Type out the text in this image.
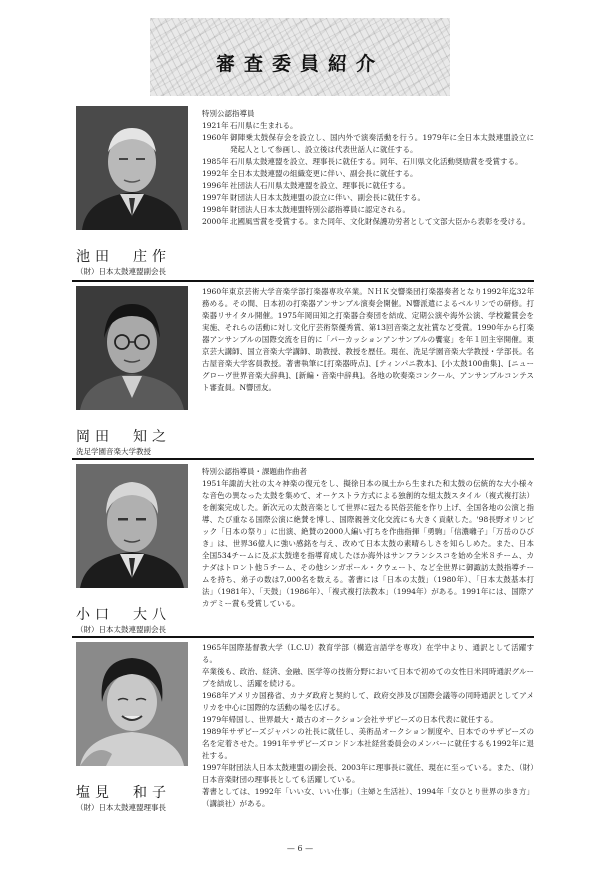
審査委員紹介
池田　庄作
（財）日本太鼓連盟副会長

特別公認指導員

1921年 石川県に生まれる。
1960年 御陣乗太鼓保存会を設立し、国内外で演奏活動を行う。1979年に全日本太鼓連盟設立に発起人として参画し、設立後は代表世話人に就任する。
1985年 石川県太鼓連盟を設立、理事長に就任する。同年、石川県文化活動奨励賞を受賞する。
1992年 全日本太鼓連盟の組織変更に伴い、副会長に就任する。
1996年 社団法人石川県太鼓連盟を設立、理事長に就任する。
1997年 財団法人日本太鼓連盟の設立に伴い、副会長に就任する。
1998年 財団法人日本太鼓連盟特別公認指導員に認定される。
2000年 北國風雪賞を受賞する。また同年、文化財保護功労者として文部大臣から表彰を受ける。
岡田　知之
洗足学園音楽大学教授

1960年東京芸術大学音楽学部打楽器専攻卒業。ＮＨＫ交響楽団打楽器奏者となり1992年迄32年務める。その間、日本初の打楽器アンサンブル演奏会開催。N響派遣によるベルリンでの研修。打楽器リサイタル開催。1975年岡田知之打楽器合奏団を結成、定期公演や海外公演、学校鑑賞会を実施、それらの活動に対し文化庁芸術祭優秀賞、第13回音楽之友社賞など受賞。1990年から打楽器アンサンブルの国際交流を目的に「パーカッションアンサンブルの饗宴」を年１回主宰開催。東京芸大講師、国立音楽大学講師、助教授、教授を歴任。現在、洗足学園音楽大学教授・学部長。名古屋音楽大学客員教授。著書執筆に[打楽器時点]、[ティンパニ教本]、[小太鼓100曲集]、[ニューグローヴ世界音楽大辞典]、[新編・音楽中辞典]。各地の吹奏楽コンクール、アンサンブルコンテスト審査員。N響団友。

小口　大八
（財）日本太鼓連盟副会長

特別公認指導員・課題曲作曲者

1951年諏訪大社の太々神楽の復元をし、擬徐日本の風土から生まれた和太鼓の伝統的な大小様々な音色の異なった太鼓を集めて、オーケストラ方式による独創的な組太鼓スタイル（複式複打法）を創案完成した。新次元の太鼓音楽として世界に冠たる民俗芸能を作り上げ、全国各地の公演と指導、たび重なる国際公演に絶賛を博し、国際親善文化交流にも大きく貢献した。'98長野オリンピック「日本の祭り」に出演、絶賛の2000人編い打ちを作曲指揮「勇駒」「信濃囃子」「万岳のひびき」は、世界36億人に強い感銘を与え、改めて日本太鼓の素晴らしさを知らしめた。また、日本全国534チームに及ぶ太鼓達を指導育成したほか海外はサンフランシスコを始め全米８チーム、カナダはトロント他５チーム、その他シンガポール・クウェート、など全世界に御諏訪太鼓指導チームを持ち、弟子の数は7,000名を数える。著書には「日本の太鼓」（1980年）、「日本太鼓基本打法」（1981年）、「天鼓」（1986年）、「複式複打法教本」（1994年）がある。1991年には、国際アカデミー賞も受賞している。

塩見　和子
（財）日本太鼓連盟理事長

1965年国際基督教大学（I.C.U）教育学部（構造言語学を専攻）在学中より、通訳として活躍する。

卒業後も、政治、経済、金融、医学等の技術分野において日本で初めての女性日米同時通訳グループを結成し、活躍を続ける。

1968年アメリカ国務省、カナダ政府と契約して、政府交渉及び国際会議等の同時通訳としてアメリカを中心に国際的な活動の場を広げる。

1979年帰国し、世界最大・最古のオークション会社サザビーズの日本代表に就任する。

1989年サザビーズジャパンの社長に就任し、美術品オークション制度や、日本でのサザビーズの名を定着させた。1991年サザビーズロンドン本社経営委員会のメンバーに就任するも1992年に退社する。

1997年財団法人日本太鼓連盟の副会長、2003年に理事長に就任、現在に至っている。また、（財）日本音楽財団の理事長としても活躍している。

著書としては、1992年「いい女、いい仕事」（主婦と生活社）、1994年「女ひとり世界の歩き方」（講談社）がある。

— 6 —
